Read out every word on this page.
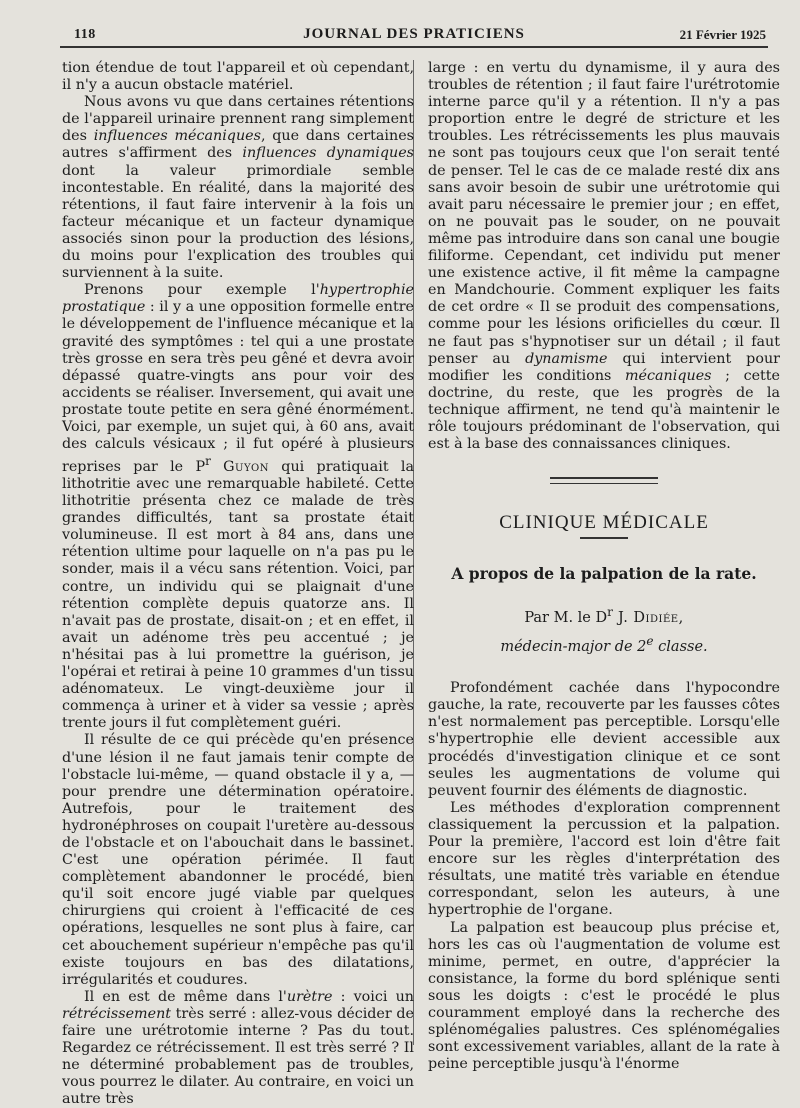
118	JOURNAL DES PRATICIENS	21 Février 1925

tion étendue de tout l'appareil et où cependant, il n'y a aucun obstacle matériel.

Nous avons vu que dans certaines rétentions de l'appareil urinaire prennent rang simplement des influences mécaniques, que dans certaines autres s'affirment des influences dynamiques dont la valeur primordiale semble incontestable. En réalité, dans la majorité des rétentions, il faut faire intervenir à la fois un facteur mécanique et un facteur dynamique associés sinon pour la production des lésions, du moins pour l'explication des troubles qui surviennent à la suite.

Prenons pour exemple l'hypertrophie prostatique : il y a une opposition formelle entre le développement de l'influence mécanique et la gravité des symptômes : tel qui a une prostate très grosse en sera très peu gêné et devra avoir dépassé quatre-vingts ans pour voir des accidents se réaliser. Inversement, qui avait une prostate toute petite en sera gêné énormément. Voici, par exemple, un sujet qui, à 60 ans, avait des calculs vésicaux ; il fut opéré à plusieurs reprises par le $P^r$ Guyon qui pratiquait la lithotritie avec une remarquable habileté. Cette lithotritie présenta chez ce malade de très grandes difficultés, tant sa prostate était volumineuse. Il est mort à 84 ans, dans une rétention ultime pour laquelle on n'a pas pu le sonder, mais il a vécu sans rétention. Voici, par contre, un individu qui se plaignait d'une rétention complète depuis quatorze ans. Il n'avait pas de prostate, disait-on ; et en effet, il avait un adénome très peu accentué ; je n'hésitai pas à lui promettre la guérison, je l'opérai et retirai à peine 10 grammes d'un tissu adénomateux. Le vingt-deuxième jour il commença à uriner et à vider sa vessie ; après trente jours il fut complètement guéri.

Il résulte de ce qui précède qu'en présence d'une lésion il ne faut jamais tenir compte de l'obstacle lui-même, — quand obstacle il y a, — pour prendre une détermination opératoire. Autrefois, pour le traitement des hydronéphroses on coupait l'uretère au-dessous de l'obstacle et on l'abouchait dans le bassinet. C'est une opération périmée. Il faut complètement abandonner le procédé, bien qu'il soit encore jugé viable par quelques chirurgiens qui croient à l'efficacité de ces opérations, lesquelles ne sont plus à faire, car cet abouchement supérieur n'empêche pas qu'il existe toujours en bas des dilatations, irrégularités et coudures.

Il en est de même dans l'urètre : voici un rétrécissement très serré : allez-vous décider de faire une urétrotomie interne ? Pas du tout. Regardez ce rétrécissement. Il est très serré ? Il ne déterminé probablement pas de troubles, vous pourrez le dilater. Au contraire, en voici un autre très

large : en vertu du dynamisme, il y aura des troubles de rétention ; il faut faire l'urétrotomie interne parce qu'il y a rétention. Il n'y a pas proportion entre le degré de stricture et les troubles. Les rétrécissements les plus mauvais ne sont pas toujours ceux que l'on serait tenté de penser. Tel le cas de ce malade resté dix ans sans avoir besoin de subir une urétrotomie qui avait paru nécessaire le premier jour ; en effet, on ne pouvait pas le souder, on ne pouvait même pas introduire dans son canal une bougie filiforme. Cependant, cet individu put mener une existence active, il fit même la campagne en Mandchourie. Comment expliquer les faits de cet ordre « Il se produit des compensations, comme pour les lésions orificielles du cœur. Il ne faut pas s'hypnotiser sur un détail ; il faut penser au dynamisme qui intervient pour modifier les conditions mécaniques ; cette doctrine, du reste, que les progrès de la technique affirment, ne tend qu'à maintenir le rôle toujours prédominant de l'observation, qui est à la base des connaissances cliniques.

CLINIQUE MÉDICALE
A propos de la palpation de la rate.
Par M. le $D^r$ J. Didiée,
médecin-major de 2e classe.

Profondément cachée dans l'hypocondre gauche, la rate, recouverte par les fausses côtes n'est normalement pas perceptible. Lorsqu'elle s'hypertrophie elle devient accessible aux procédés d'investigation clinique et ce sont seules les augmentations de volume qui peuvent fournir des éléments de diagnostic.

Les méthodes d'exploration comprennent classiquement la percussion et la palpation. Pour la première, l'accord est loin d'être fait encore sur les règles d'interprétation des résultats, une matité très variable en étendue correspondant, selon les auteurs, à une hypertrophie de l'organe.

La palpation est beaucoup plus précise et, hors les cas où l'augmentation de volume est minime, permet, en outre, d'apprécier la consistance, la forme du bord splénique senti sous les doigts : c'est le procédé le plus couramment employé dans la recherche des splénomégalies palustres. Ces splénomégalies sont excessivement variables, allant de la rate à peine perceptible jusqu'à l'énorme
